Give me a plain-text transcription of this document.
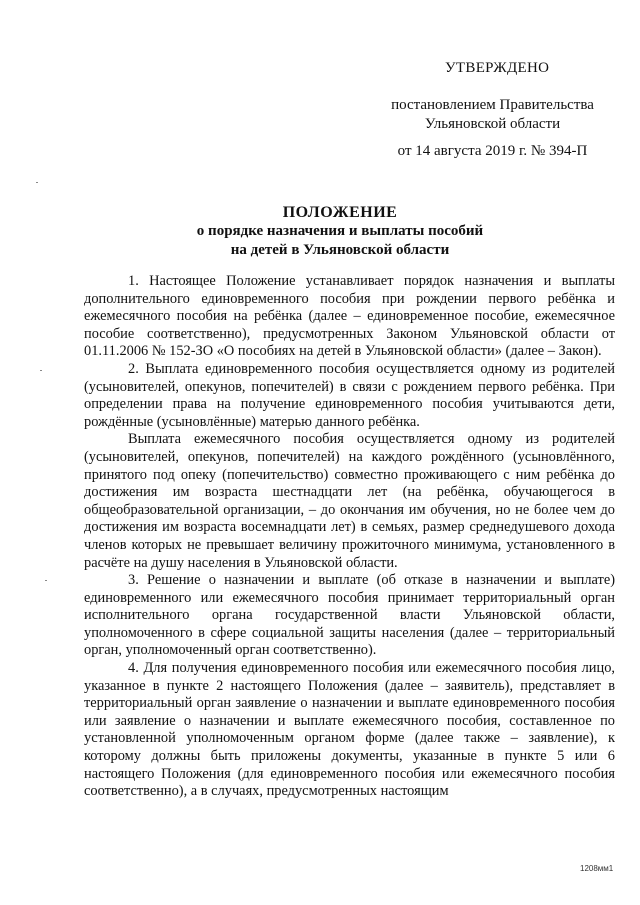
УТВЕРЖДЕНО
постановлением Правительства
Ульяновской области
от 14 августа 2019 г. № 394-П
ПОЛОЖЕНИЕ
о порядке назначения и выплаты пособий
на детей в Ульяновской области

1. Настоящее Положение устанавливает порядок назначения и выплаты дополнительного единовременного пособия при рождении первого ребёнка и ежемесячного пособия на ребёнка (далее – единовременное пособие, ежемесячное пособие соответственно), предусмотренных Законом Ульяновской области от 01.11.2006 № 152-ЗО «О пособиях на детей в Ульяновской области» (далее – Закон).

2. Выплата единовременного пособия осуществляется одному из родителей (усыновителей, опекунов, попечителей) в связи с рождением первого ребёнка. При определении права на получение единовременного пособия учитываются дети, рождённые (усыновлённые) матерью данного ребёнка.

Выплата ежемесячного пособия осуществляется одному из родителей (усыновителей, опекунов, попечителей) на каждого рождённого (усыновлённого, принятого под опеку (попечительство) совместно проживающего с ним ребёнка до достижения им возраста шестнадцати лет (на ребёнка, обучающегося в общеобразовательной организации, – до окончания им обучения, но не более чем до достижения им возраста восемнадцати лет) в семьях, размер среднедушевого дохода членов которых не превышает величину прожиточного минимума, установленного в расчёте на душу населения в Ульяновской области.

3. Решение о назначении и выплате (об отказе в назначении и выплате) единовременного или ежемесячного пособия принимает территориальный орган исполнительного органа государственной власти Ульяновской области, уполномоченного в сфере социальной защиты населения (далее – территориальный орган, уполномоченный орган соответственно).

4. Для получения единовременного пособия или ежемесячного пособия лицо, указанное в пункте 2 настоящего Положения (далее – заявитель), представляет в территориальный орган заявление о назначении и выплате единовременного пособия или заявление о назначении и выплате ежемесячного пособия, составленное по установленной уполномоченным органом форме (далее также – заявление), к которому должны быть приложены документы, указанные в пункте 5 или 6 настоящего Положения (для единовременного пособия или ежемесячного пособия соответственно), а в случаях, предусмотренных настоящим

1208мм1
